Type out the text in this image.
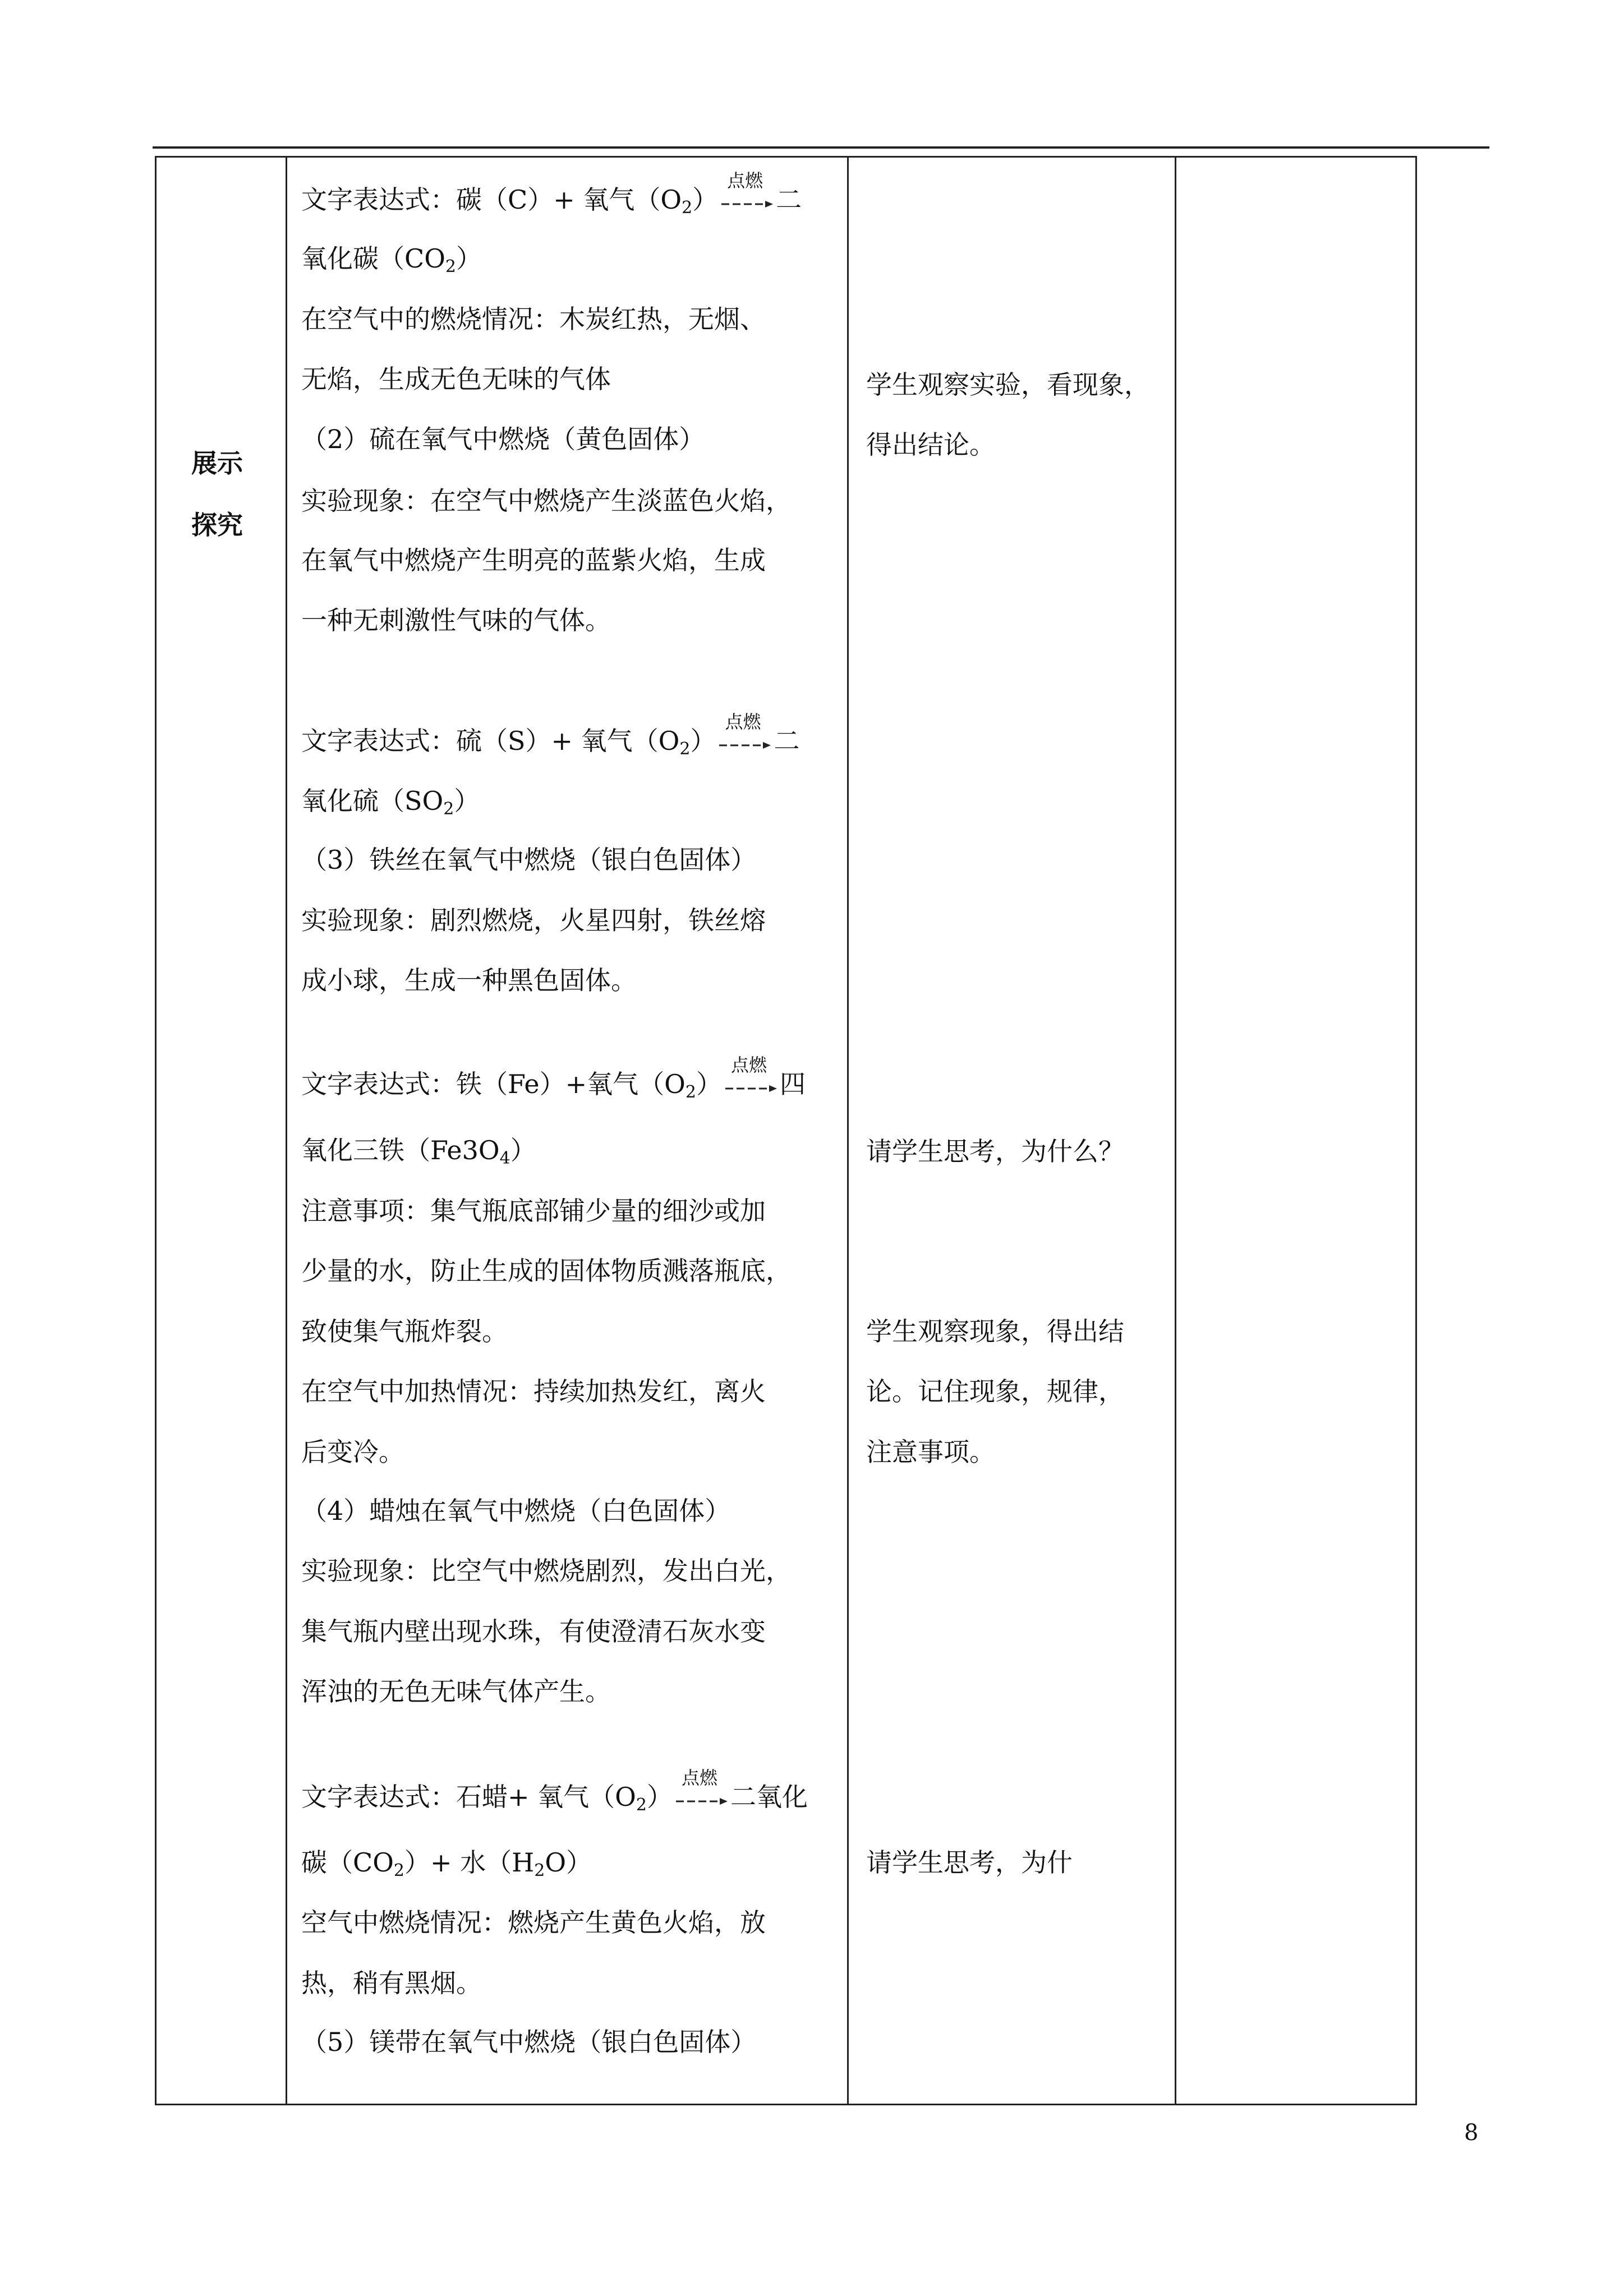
展示
探究
文字表达式：碳（C）+ 氧气$(O_2)$
点燃
二
氧化碳$(CO_2)$
在空气中的燃烧情况：木炭红热，无烟、
无焰，生成无色无味的气体
（2）硫在氧气中燃烧（黄色固体）
实验现象：在空气中燃烧产生淡蓝色火焰，
在氧气中燃烧产生明亮的蓝紫火焰，生成
一种无刺激性气味的气体。
文字表达式：硫（S）+ 氧气$(O_2)$
点燃
二
氧化硫$(SO_2)$
（3）铁丝在氧气中燃烧（银白色固体）
实验现象：剧烈燃烧，火星四射，铁丝熔
成小球，生成一种黑色固体。
文字表达式：铁（Fe）+氧气$(O_2)$
点燃
四
氧化三铁$(Fe3O_4)$
注意事项：集气瓶底部铺少量的细沙或加
少量的水，防止生成的固体物质溅落瓶底，
致使集气瓶炸裂。
在空气中加热情况：持续加热发红，离火
后变冷。
（4）蜡烛在氧气中燃烧（白色固体）
实验现象：比空气中燃烧剧烈，发出白光，
集气瓶内壁出现水珠，有使澄清石灰水变
浑浊的无色无味气体产生。
文字表达式：石蜡+ 氧气$(O_2)$
点燃
二氧化
碳$(CO_2)+$ 水$(H_2O)$
空气中燃烧情况：燃烧产生黄色火焰，放
热，稍有黑烟。
（5）镁带在氧气中燃烧（银白色固体）
学生观察实验，看现象，
得出结论。
请学生思考，为什么？
学生观察现象，得出结
论。记住现象，规律，
注意事项。
请学生思考，为什
8
